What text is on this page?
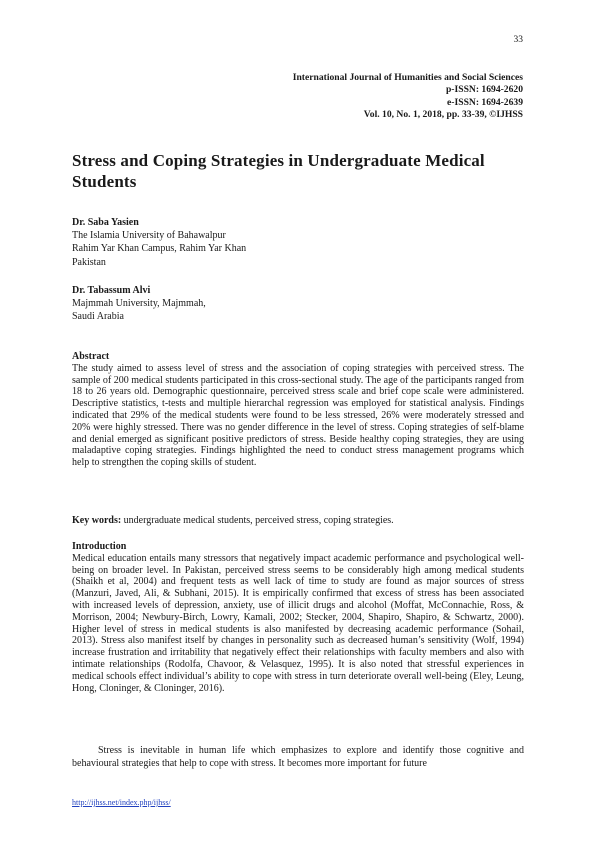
33
International Journal of Humanities and Social Sciences
p-ISSN: 1694-2620
e-ISSN: 1694-2639
Vol. 10, No. 1, 2018, pp. 33-39, ©IJHSS
Stress and Coping Strategies in Undergraduate Medical Students
Dr. Saba Yasien
The Islamia University of Bahawalpur
Rahim Yar Khan Campus, Rahim Yar Khan
Pakistan
Dr. Tabassum Alvi
Majmmah University, Majmmah,
Saudi Arabia
Abstract
The study aimed to assess level of stress and the association of coping strategies with perceived stress. The sample of 200 medical students participated in this cross-sectional study. The age of the participants ranged from 18 to 26 years old. Demographic questionnaire, perceived stress scale and brief cope scale were administered. Descriptive statistics, t-tests and multiple hierarchal regression was employed for statistical analysis. Findings indicated that 29% of the medical students were found to be less stressed, 26% were moderately stressed and 20% were highly stressed. There was no gender difference in the level of stress. Coping strategies of self-blame and denial emerged as significant positive predictors of stress. Beside healthy coping strategies, they are using maladaptive coping strategies. Findings highlighted the need to conduct stress management programs which help to strengthen the coping skills of student.
Key words: undergraduate medical students, perceived stress, coping strategies.
Introduction
Medical education entails many stressors that negatively impact academic performance and psychological well-being on broader level. In Pakistan, perceived stress seems to be considerably high among medical students (Shaikh et al, 2004) and frequent tests as well lack of time to study are found as major sources of stress (Manzuri, Javed, Ali, & Subhani, 2015). It is empirically confirmed that excess of stress has been associated with increased levels of depression, anxiety, use of illicit drugs and alcohol (Moffat, McConnachie, Ross, & Morrison, 2004; Newbury-Birch, Lowry, Kamali, 2002; Stecker, 2004, Shapiro, Shapiro, & Schwartz, 2000). Higher level of stress in medical students is also manifested by decreasing academic performance (Sohail, 2013). Stress also manifest itself by changes in personality such as decreased human’s sensitivity (Wolf, 1994) increase frustration and irritability that negatively effect their relationships with faculty members and also with intimate relationships (Rodolfa, Chavoor, & Velasquez, 1995). It is also noted that stressful experiences in medical schools effect individual’s ability to cope with stress in turn deteriorate overall well-being (Eley, Leung, Hong, Cloninger, & Cloninger, 2016).
Stress is inevitable in human life which emphasizes to explore and identify those cognitive and behavioural strategies that help to cope with stress. It becomes more important for future
http://ijhss.net/index.php/ijhss/
